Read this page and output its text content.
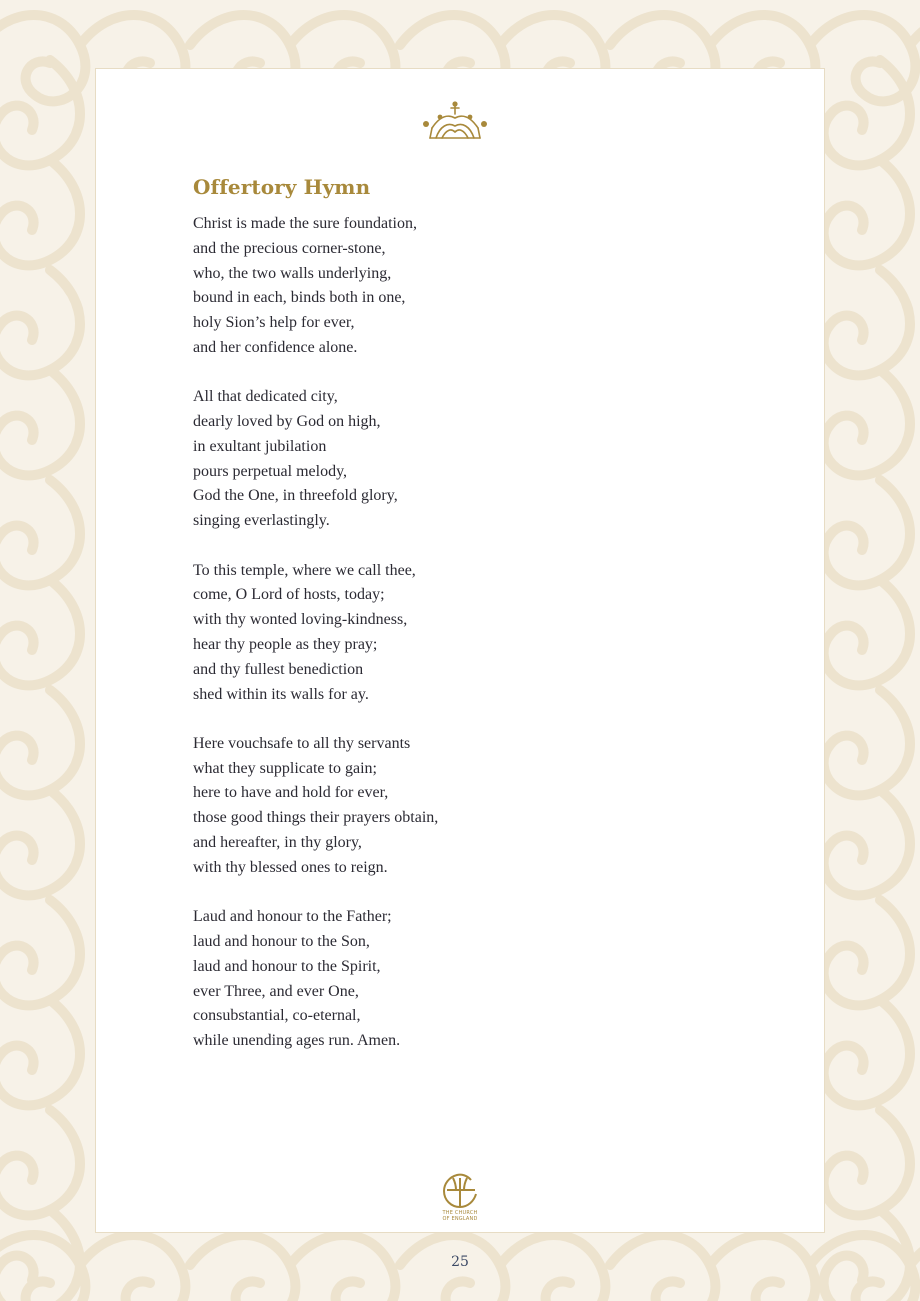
Offertory Hymn
Christ is made the sure foundation,
and the precious corner-stone,
who, the two walls underlying,
bound in each, binds both in one,
holy Sion’s help for ever,
and her confidence alone.
All that dedicated city,
dearly loved by God on high,
in exultant jubilation
pours perpetual melody,
God the One, in threefold glory,
singing everlastingly.
To this temple, where we call thee,
come, O Lord of hosts, today;
with thy wonted loving-kindness,
hear thy people as they pray;
and thy fullest benediction
shed within its walls for ay.
Here vouchsafe to all thy servants
what they supplicate to gain;
here to have and hold for ever,
those good things their prayers obtain,
and hereafter, in thy glory,
with thy blessed ones to reign.
Laud and honour to the Father;
laud and honour to the Son,
laud and honour to the Spirit,
ever Three, and ever One,
consubstantial, co-eternal,
while unending ages run. Amen.
THE CHURCH
OF ENGLAND
25
